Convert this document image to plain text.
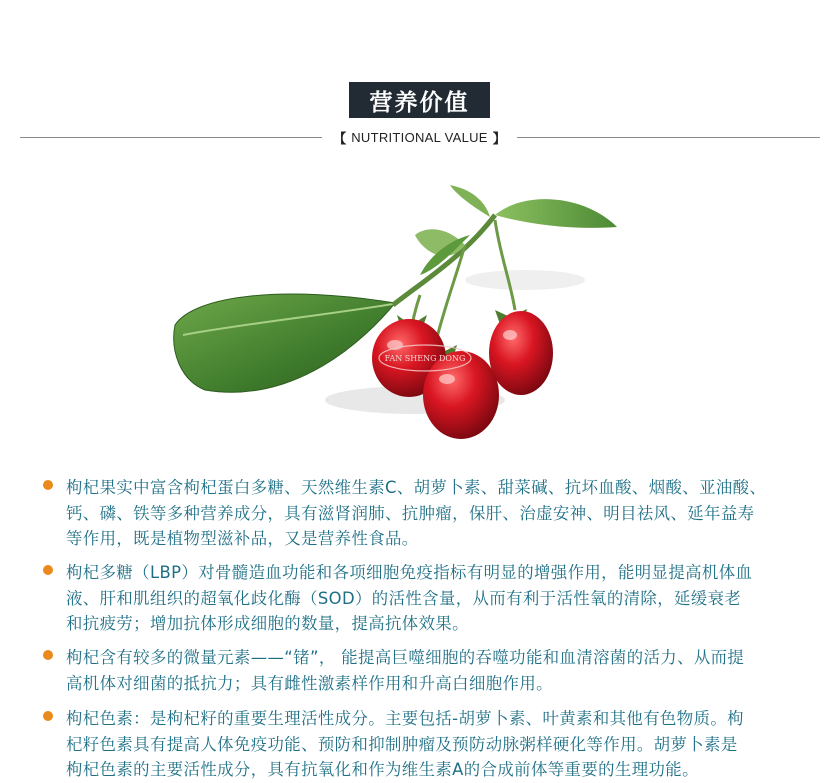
营养价值
【 NUTRITIONAL VALUE 】
FAN SHENG DONG
枸杞果实中富含枸杞蛋白多糖、天然维生素C、胡萝卜素、甜菜碱、抗坏血酸、烟酸、亚油酸、
钙、磷、铁等多种营养成分，具有滋肾润肺、抗肿瘤，保肝、治虚安神、明目祛风、延年益寿
等作用，既是植物型滋补品，又是营养性食品。
枸杞多糖（LBP）对骨髓造血功能和各项细胞免疫指标有明显的增强作用，能明显提高机体血
液、肝和肌组织的超氧化歧化酶（SOD）的活性含量，从而有利于活性氧的清除，延缓衰老
和抗疲劳；增加抗体形成细胞的数量，提高抗体效果。
枸杞含有较多的微量元素——“锗”， 能提高巨噬细胞的吞噬功能和血清溶菌的活力、从而提
高机体对细菌的抵抗力；具有雌性激素样作用和升高白细胞作用。
枸杞色素：是枸杞籽的重要生理活性成分。主要包括-胡萝卜素、叶黄素和其他有色物质。枸
杞籽色素具有提高人体免疫功能、预防和抑制肿瘤及预防动脉粥样硬化等作用。胡萝卜素是
枸杞色素的主要活性成分，具有抗氧化和作为维生素A的合成前体等重要的生理功能。
